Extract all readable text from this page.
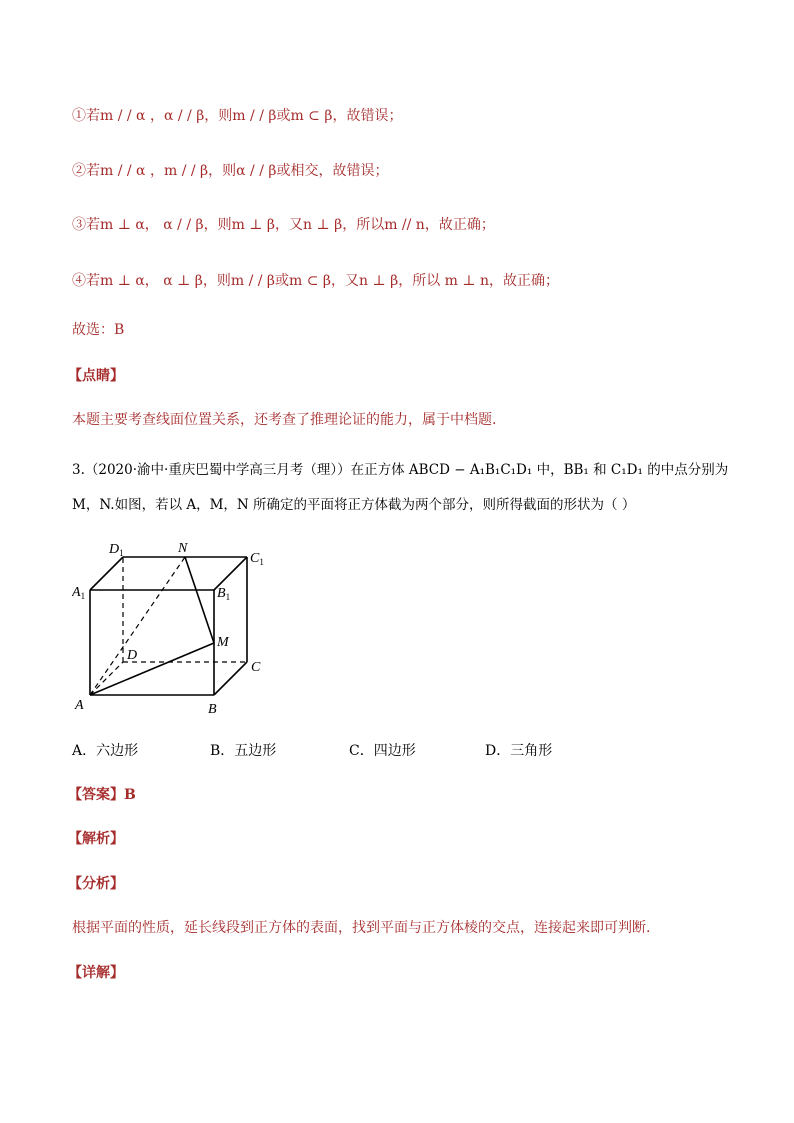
①若m / / α ，α / / β，则m / / β或m ⊂ β，故错误；
②若m / / α ，m / / β，则α / / β或相交，故错误；
③若m ⊥ α， α / / β，则m ⊥ β，又n ⊥ β，所以m // n，故正确；
④若m ⊥ α， α ⊥ β，则m / / β或m ⊂ β，又n ⊥ β，所以 m ⊥ n，故正确；
故选：B
【点睛】
本题主要考查线面位置关系，还考查了推理论证的能力，属于中档题.
3.（2020·渝中·重庆巴蜀中学高三月考（理））在正方体 ABCD − A₁B₁C₁D₁ 中，BB₁ 和 C₁D₁ 的中点分别为
M，N.如图，若以 A，M，N 所确定的平面将正方体截为两个部分，则所得截面的形状为（ ）
$D_1$	N
$C_1$
$A_1$	$B_1$
M
D
C
A	B
A．六边形	B．五边形	C．四边形	D．三角形
【答案】B
【解析】
【分析】
根据平面的性质，延长线段到正方体的表面，找到平面与正方体棱的交点，连接起来即可判断.
【详解】
